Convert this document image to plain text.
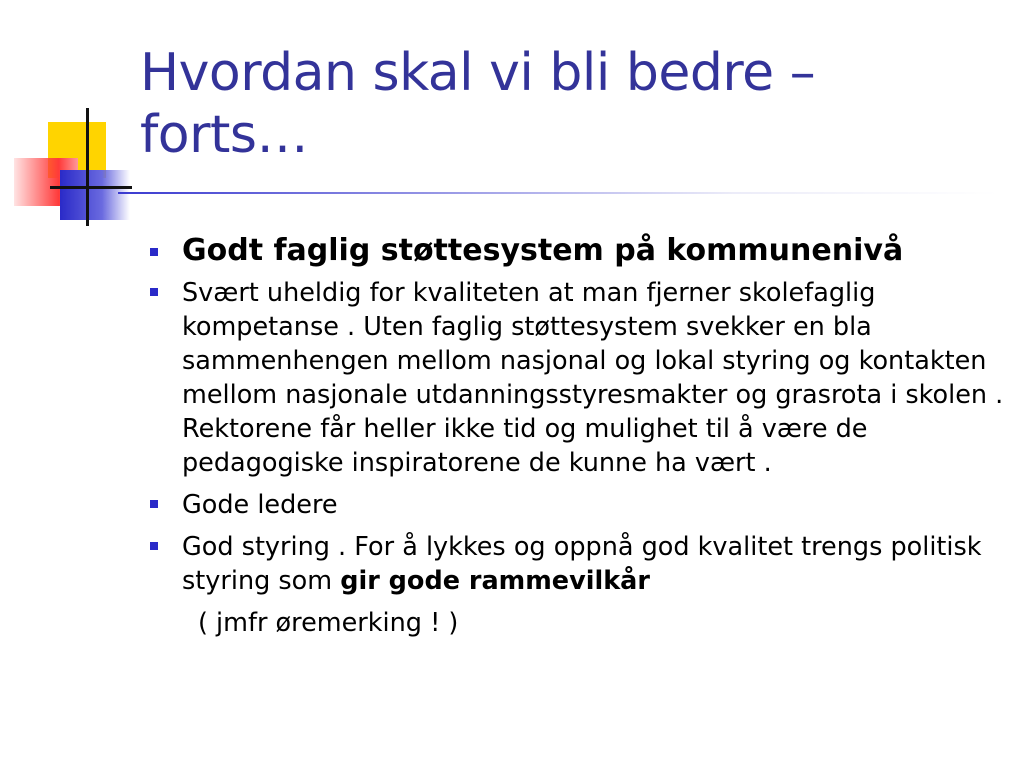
Hvordan skal vi bli bedre –
forts…
Godt faglig støttesystem på kommunenivå
Svært uheldig for kvaliteten at man fjerner skolefaglig kompetanse . Uten faglig støttesystem svekker en bla sammenhengen mellom nasjonal og lokal styring og kontakten mellom nasjonale utdanningsstyresmakter og grasrota i skolen . Rektorene får heller ikke tid og mulighet til å være de pedagogiske inspiratorene de kunne ha vært .
Gode ledere
God styring . For å lykkes og oppnå god kvalitet trengs politisk styring som gir gode rammevilkår
( jmfr øremerking ! )
